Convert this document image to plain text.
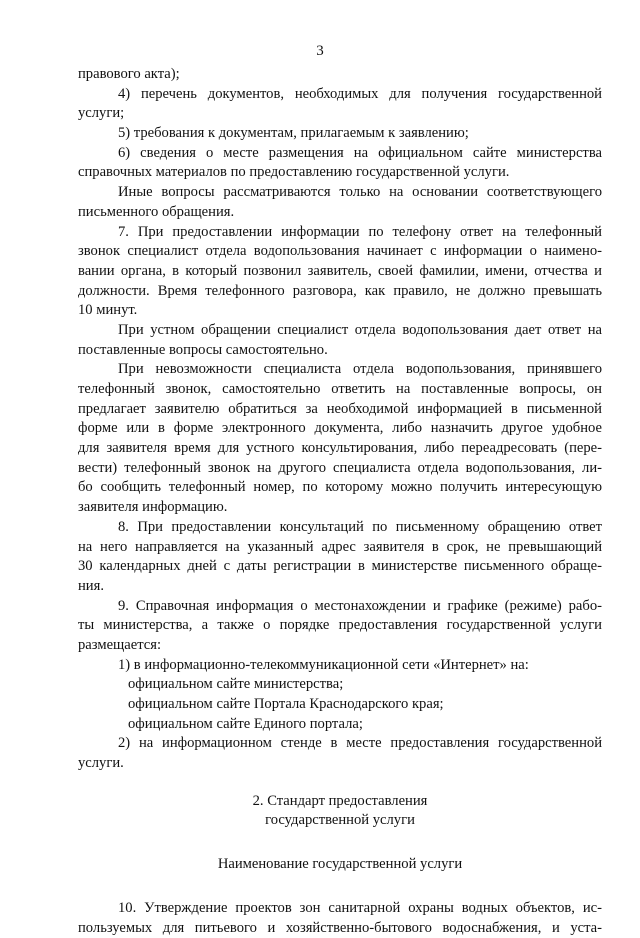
3
правового акта);
4) перечень документов, необходимых для получения государственной
услуги;
5) требования к документам, прилагаемым к заявлению;
6) сведения о месте размещения на официальном сайте министерства
справочных материалов по предоставлению государственной услуги.
Иные вопросы рассматриваются только на основании соответствующего
письменного обращения.
7. При предоставлении информации по телефону ответ на телефонный
звонок специалист отдела водопользования начинает с информации о наимено-
вании органа, в который позвонил заявитель, своей фамилии, имени, отчества и
должности. Время телефонного разговора, как правило, не должно превышать
10 минут.
При устном обращении специалист отдела водопользования дает ответ на
поставленные вопросы самостоятельно.
При невозможности специалиста отдела водопользования, принявшего
телефонный звонок, самостоятельно ответить на поставленные вопросы, он
предлагает заявителю обратиться за необходимой информацией в письменной
форме или в форме электронного документа, либо назначить другое удобное
для заявителя время для устного консультирования, либо переадресовать (пере-
вести) телефонный звонок на другого специалиста отдела водопользования, ли-
бо сообщить телефонный номер, по которому можно получить интересующую
заявителя информацию.
8. При предоставлении консультаций по письменному обращению ответ
на него направляется на указанный адрес заявителя в срок, не превышающий
30 календарных дней с даты регистрации в министерстве письменного обраще-
ния.
9. Справочная информация о местонахождении и графике (режиме) рабо-
ты министерства, а также о порядке предоставления государственной услуги
размещается:
1) в информационно-телекоммуникационной сети «Интернет» на:
официальном сайте министерства;
официальном сайте Портала Краснодарского края;
официальном сайте Единого портала;
2) на информационном стенде в месте предоставления государственной
услуги.
2. Стандарт предоставления
государственной услуги
Наименование государственной услуги
10. Утверждение проектов зон санитарной охраны водных объектов, ис-
пользуемых для питьевого и хозяйственно-бытового водоснабжения, и уста-
